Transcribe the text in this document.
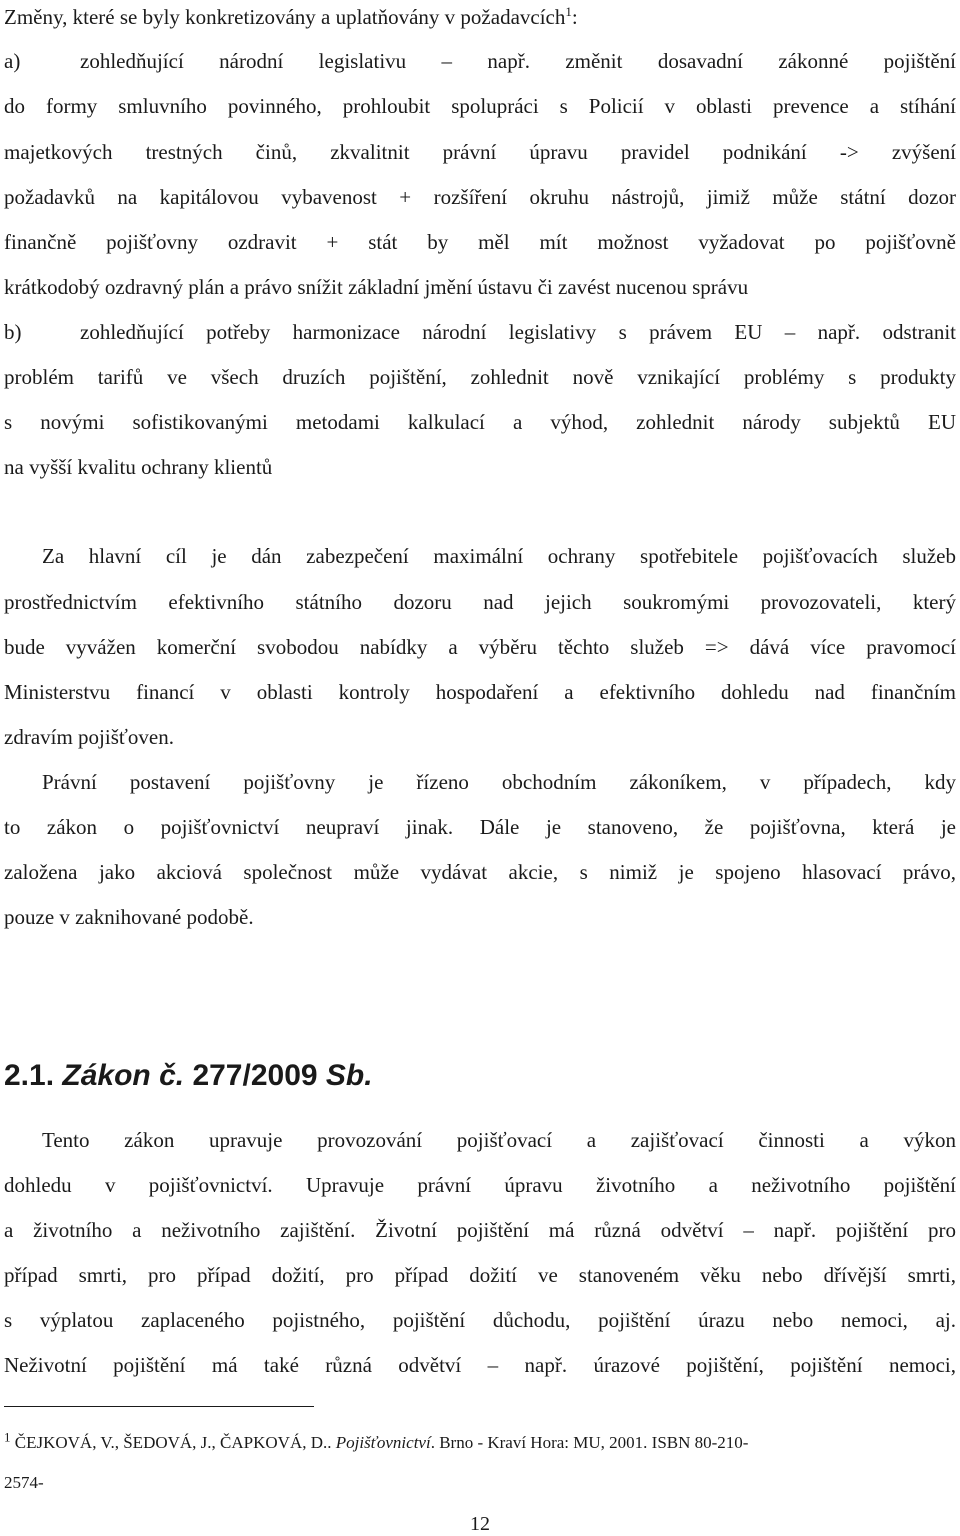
Změny, které se byly konkretizovány a uplatňovány v požadavcích$^1$:
a)	zohledňující národní legislativu – např. změnit dosavadní zákonné pojištění
do formy smluvního povinného, prohloubit spolupráci s Policií v oblasti prevence a stíhání
majetkových trestných činů, zkvalitnit právní úpravu pravidel podnikání -> zvýšení
požadavků na kapitálovou vybavenost + rozšíření okruhu nástrojů, jimiž může státní dozor
finančně pojišťovny ozdravit + stát by měl mít možnost vyžadovat po pojišťovně
krátkodobý ozdravný plán a právo snížit základní jmění ústavu či zavést nucenou správu
b)	zohledňující potřeby harmonizace národní legislativy s právem EU – např. odstranit
problém tarifů ve všech druzích pojištění, zohlednit nově vznikající problémy s produkty
s novými sofistikovanými metodami kalkulací a výhod, zohlednit národy subjektů EU
na vyšší kvalitu ochrany klientů
Za hlavní cíl je dán zabezpečení maximální ochrany spotřebitele pojišťovacích služeb
prostřednictvím efektivního státního dozoru nad jejich soukromými provozovateli, který
bude vyvážen komerční svobodou nabídky a výběru těchto služeb => dává více pravomocí
Ministerstvu financí v oblasti kontroly hospodaření a efektivního dohledu nad finančním
zdravím pojišťoven.
Právní postavení pojišťovny je řízeno obchodním zákoníkem, v případech, kdy
to zákon o pojišťovnictví neupraví jinak. Dále je stanoveno, že pojišťovna, která je
založena jako akciová společnost může vydávat akcie, s nimiž je spojeno hlasovací právo,
pouze v zaknihované podobě.
2.1. Zákon č. 277/2009 Sb.
Tento zákon upravuje provozování pojišťovací a zajišťovací činnosti a výkon
dohledu v pojišťovnictví. Upravuje právní úpravu životního a neživotního pojištění
a životního a neživotního zajištění. Životní pojištění má různá odvětví – např. pojištění pro
případ smrti, pro případ dožití, pro případ dožití ve stanoveném věku nebo dřívější smrti,
s výplatou zaplaceného pojistného, pojištění důchodu, pojištění úrazu nebo nemoci, aj.
Neživotní pojištění má také různá odvětví – např. úrazové pojištění, pojištění nemoci,
$^1$ ČEJKOVÁ, V., ŠEDOVÁ, J., ČAPKOVÁ, D.. Pojišťovnictví. Brno - Kraví Hora: MU, 2001. ISBN 80-210-
2574-
12
